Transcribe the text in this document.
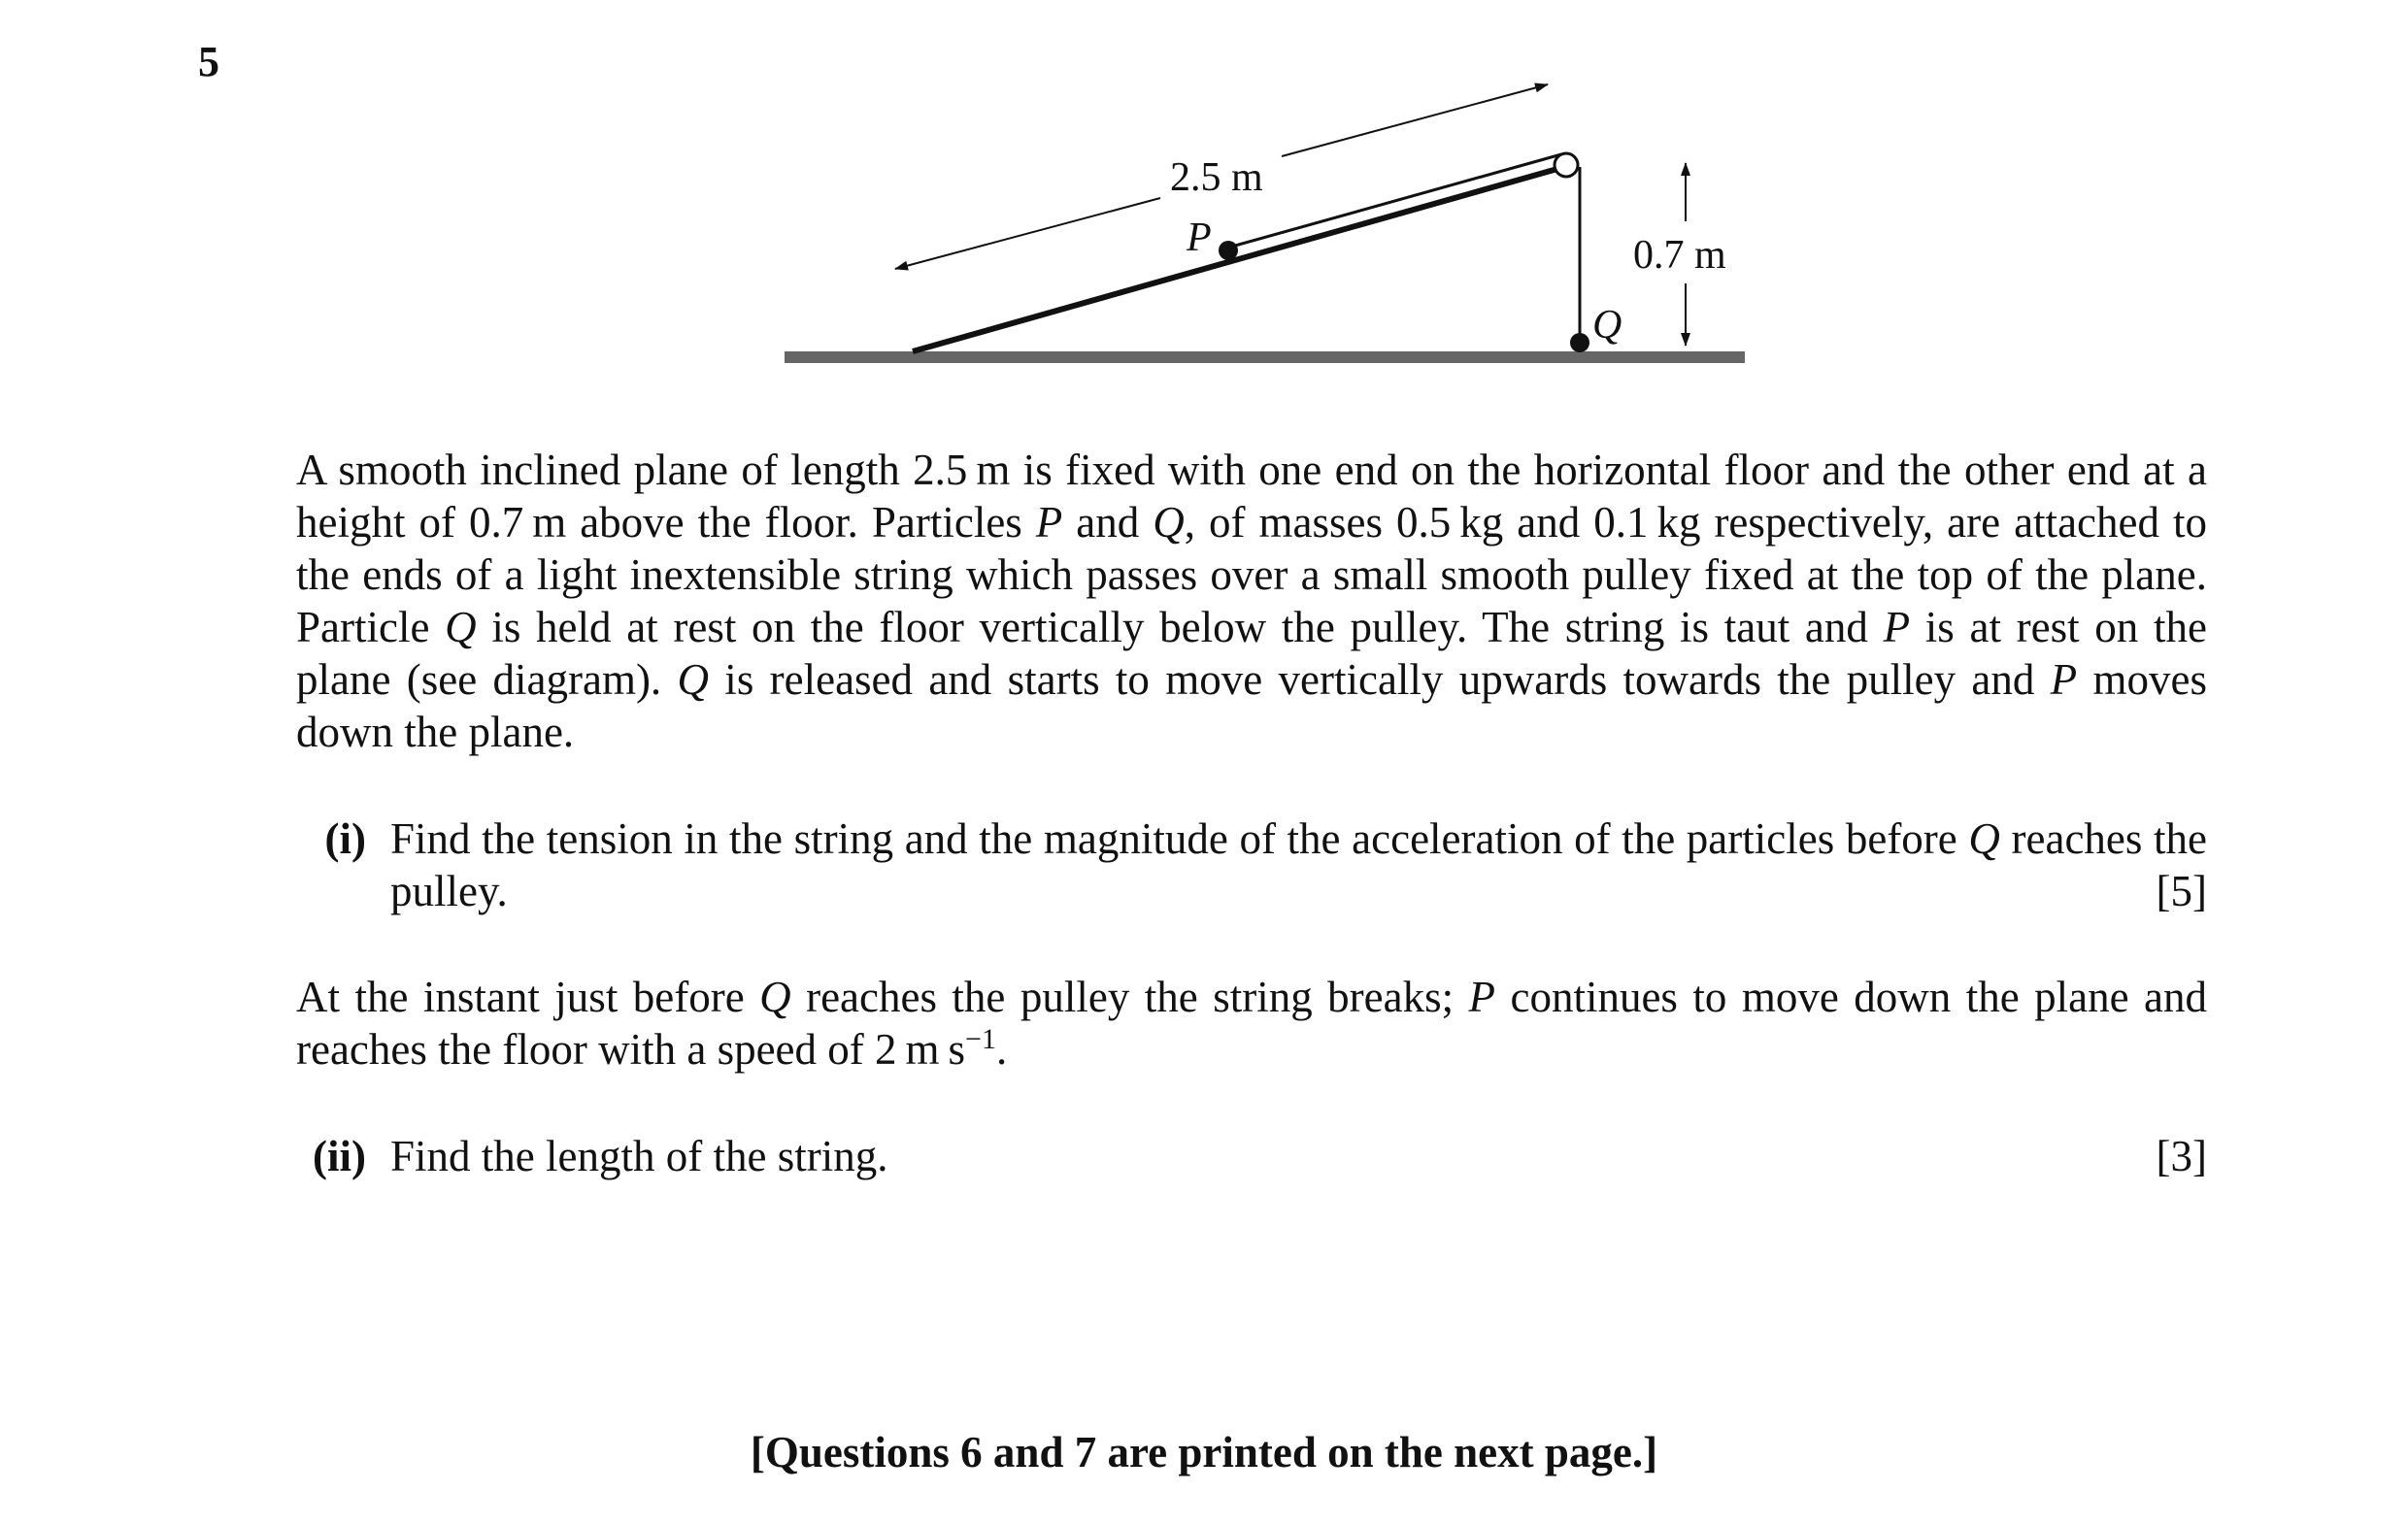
5
2.5 m
P
Q
0.7 m

A smooth inclined plane of length 2.5 m is fixed with one end on the horizontal floor and the other end at a height of 0.7 m above the floor. Particles P and Q, of masses 0.5 kg and 0.1 kg respectively, are attached to the ends of a light inextensible string which passes over a small smooth pulley fixed at the top of the plane. Particle Q is held at rest on the floor vertically below the pulley. The string is taut and P is at rest on the plane (see diagram). Q is released and starts to move vertically upwards towards the pulley and P moves down the plane.

(i) Find the tension in the string and the magnitude of the acceleration of the particles before Q reaches the pulley.	[5]

At the instant just before Q reaches the pulley the string breaks; P continues to move down the plane and reaches the floor with a speed of 2 m $s^{-1}$.

(ii) Find the length of the string.	[3]
[Questions 6 and 7 are printed on the next page.]
